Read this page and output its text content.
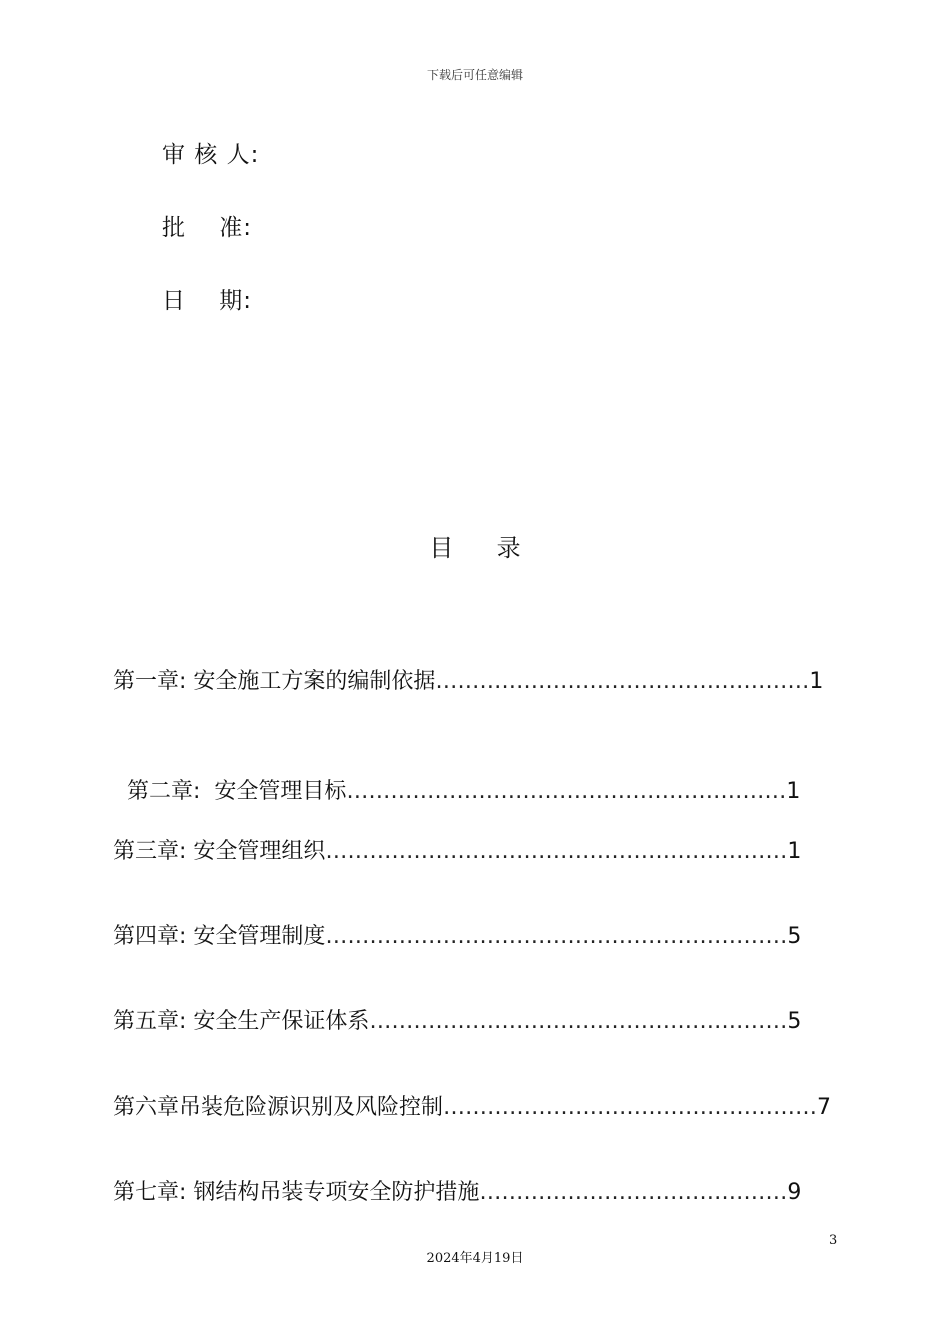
下载后可任意编辑
审 核 人:
批    准:
日    期:
目  录
第一章: 安全施工方案的编制依据……………………………………………1

第二章:  安全管理目标……………………………………………………1

第三章: 安全管理组织………………………………………………………1
第四章: 安全管理制度………………………………………………………5
第五章: 安全生产保证体系…………………………………………………5
第六章吊装危险源识别及风险控制……………………………………………7
第七章: 钢结构吊装专项安全防护措施……………………………………9
3
2024年4月19日
